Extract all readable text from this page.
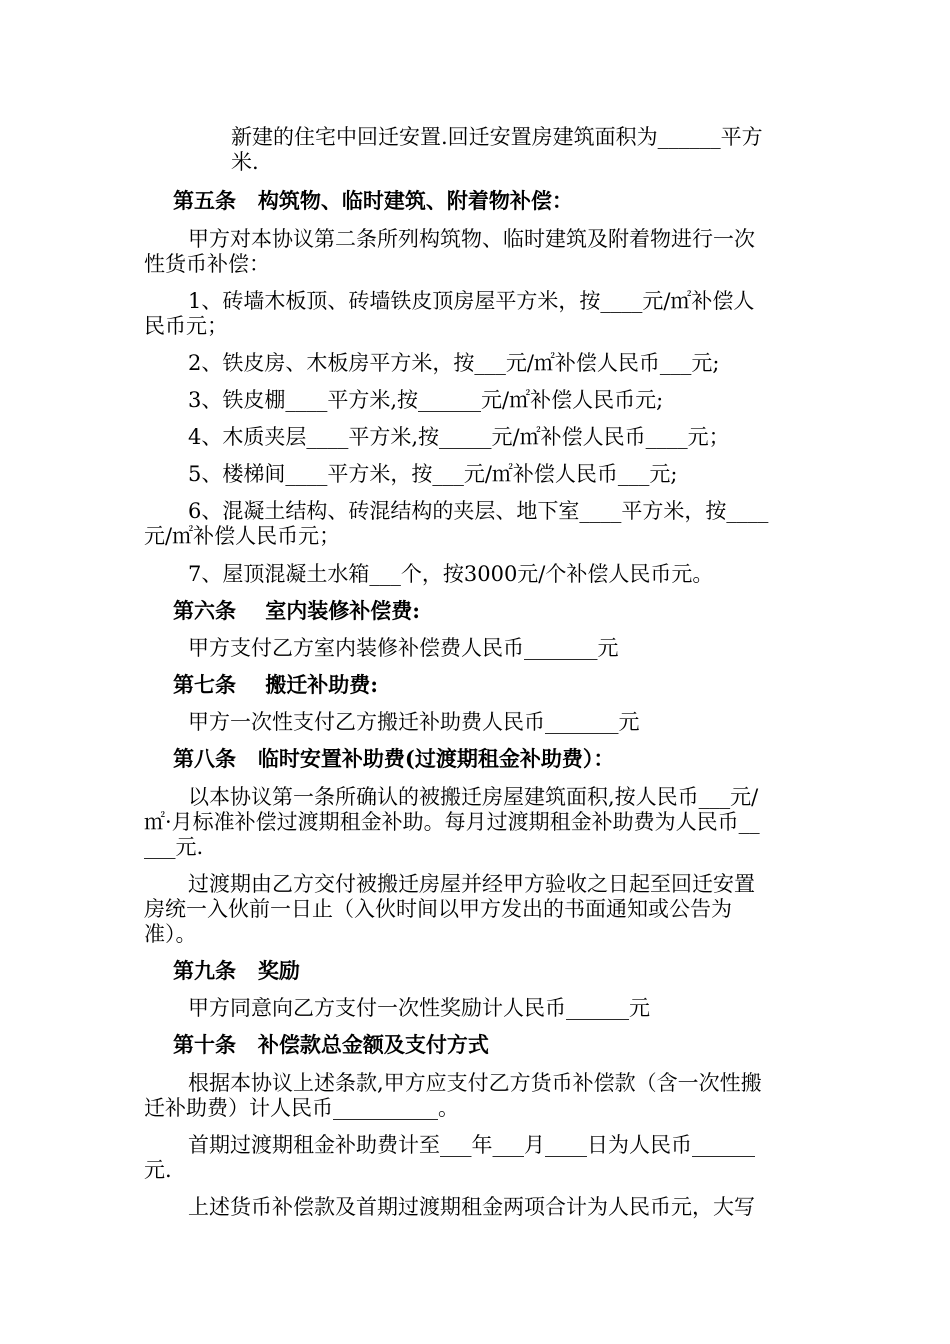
新建的住宅中回迁安置.回迁安置房建筑面积为______平方
米.
第五条   构筑物、临时建筑、附着物补偿：
甲方对本协议第二条所列构筑物、临时建筑及附着物进行一次
性货币补偿：
1、砖墙木板顶、砖墙铁皮顶房屋平方米，按____元/㎡补偿人
民币元；
2、铁皮房、木板房平方米，按___元/㎡补偿人民币___元;
3、铁皮棚____平方米,按______元/㎡补偿人民币元;
4、木质夹层____平方米,按_____元/㎡补偿人民币____元；
5、楼梯间____平方米，按___元/㎡补偿人民币___元;
6、混凝土结构、砖混结构的夹层、地下室____平方米，按____
元/㎡补偿人民币元；
7、屋顶混凝土水箱___个，按3000元/个补偿人民币元。
第六条    室内装修补偿费:
甲方支付乙方室内装修补偿费人民币_______元
第七条    搬迁补助费:
甲方一次性支付乙方搬迁补助费人民币_______元
第八条   临时安置补助费(过渡期租金补助费）：
以本协议第一条所确认的被搬迁房屋建筑面积,按人民币___元/
㎡·月标准补偿过渡期租金补助。每月过渡期租金补助费为人民币__
___元.
过渡期由乙方交付被搬迁房屋并经甲方验收之日起至回迁安置
房统一入伙前一日止（入伙时间以甲方发出的书面通知或公告为
准）。
第九条   奖励
甲方同意向乙方支付一次性奖励计人民币______元
第十条   补偿款总金额及支付方式
根据本协议上述条款,甲方应支付乙方货币补偿款（含一次性搬
迁补助费）计人民币__________。
首期过渡期租金补助费计至___年___月____日为人民币______
元.
上述货币补偿款及首期过渡期租金两项合计为人民币元，大写
